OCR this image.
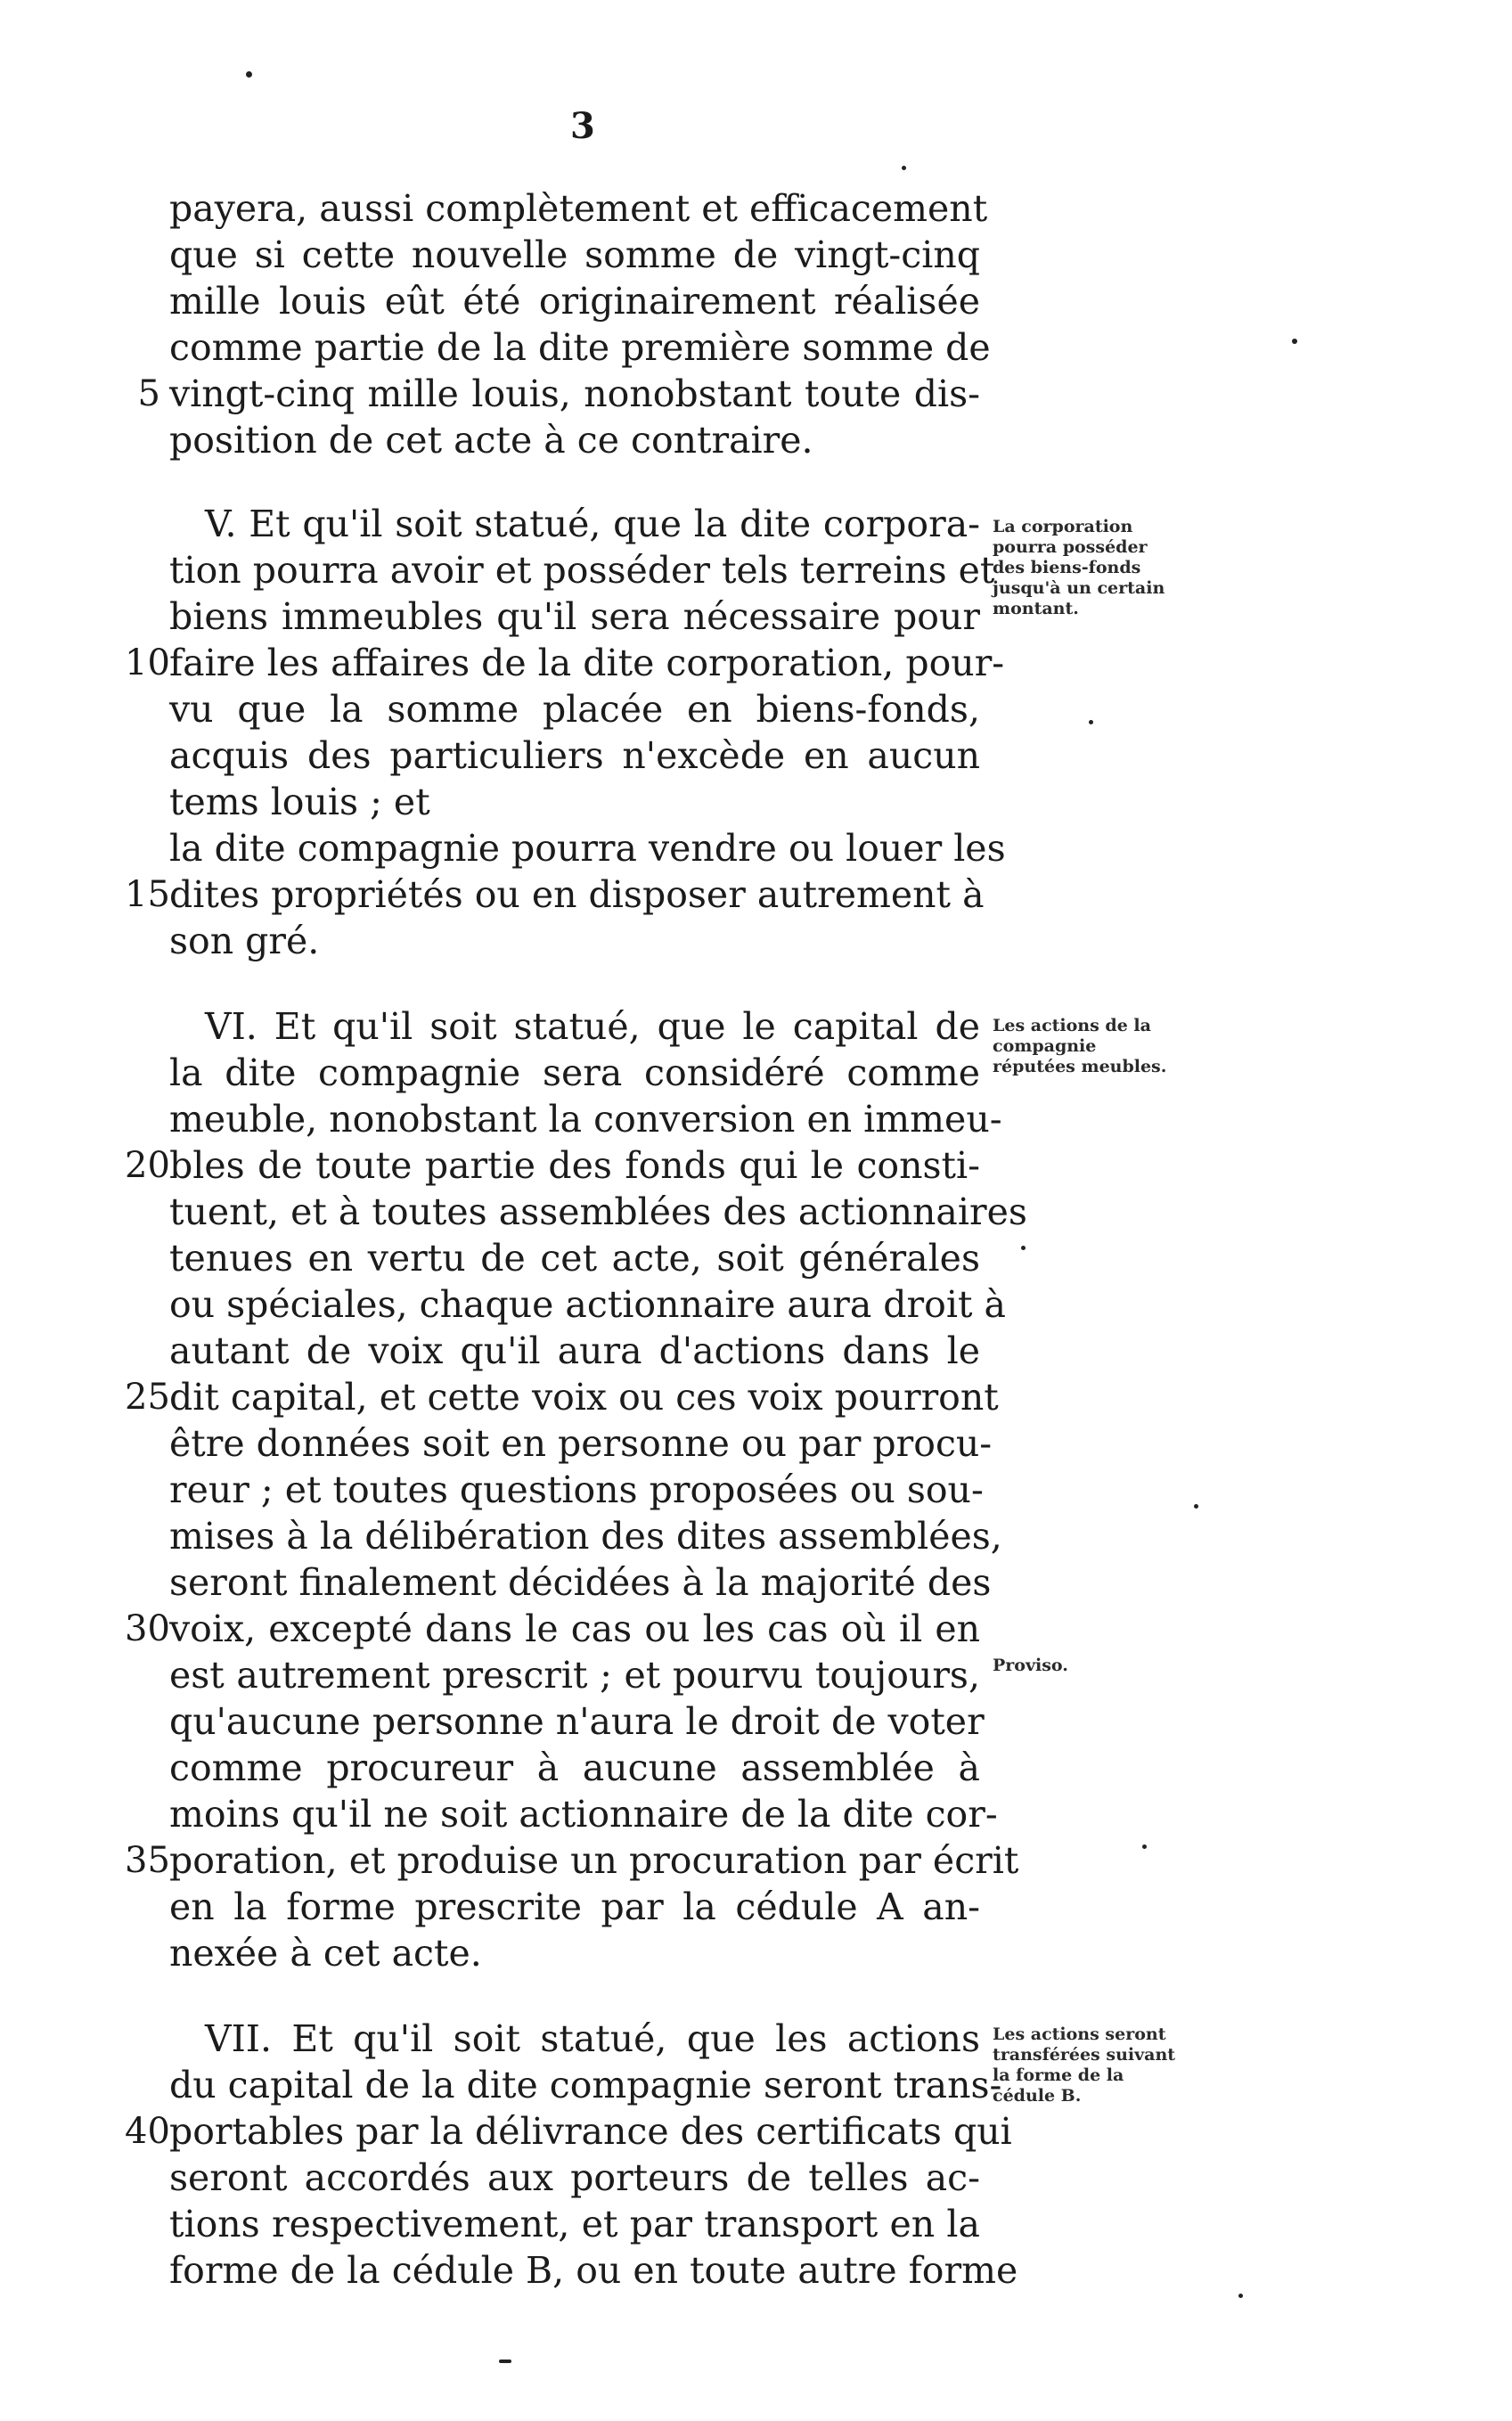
3
payera, aussi complètement et efficacement
que si cette nouvelle somme de vingt-cinq
mille louis eût été originairement réalisée
comme partie de la dite première somme de
vingt-cinq mille louis, nonobstant toute dis-
position de cet acte à ce contraire.
V. Et qu'il soit statué, que la dite corpora-
tion pourra avoir et posséder tels terreins et
biens immeubles qu'il sera nécessaire pour
faire les affaires de la dite corporation, pour-
vu que la somme placée en biens-fonds,
acquis des particuliers n'excède en aucun
tems louis ; et
la dite compagnie pourra vendre ou louer les
dites propriétés ou en disposer autrement à
son gré.
VI. Et qu'il soit statué, que le capital de
la dite compagnie sera considéré comme
meuble, nonobstant la conversion en immeu-
bles de toute partie des fonds qui le consti-
tuent, et à toutes assemblées des actionnaires
tenues en vertu de cet acte, soit générales
ou spéciales, chaque actionnaire aura droit à
autant de voix qu'il aura d'actions dans le
dit capital, et cette voix ou ces voix pourront
être données soit en personne ou par procu-
reur ; et toutes questions proposées ou sou-
mises à la délibération des dites assemblées,
seront finalement décidées à la majorité des
voix, excepté dans le cas ou les cas où il en
est autrement prescrit ; et pourvu toujours,
qu'aucune personne n'aura le droit de voter
comme procureur à aucune assemblée à
moins qu'il ne soit actionnaire de la dite cor-
poration, et produise un procuration par écrit
en la forme prescrite par la cédule A an-
nexée à cet acte.
VII. Et qu'il soit statué, que les actions
du capital de la dite compagnie seront trans-
portables par la délivrance des certificats qui
seront accordés aux porteurs de telles ac-
tions respectivement, et par transport en la
forme de la cédule B, ou en toute autre forme
5
10
15
20
25
30
35
40
La corporation pourra posséder des biens-fonds jusqu'à un certain montant.
Les actions de la compagnie réputées meubles.
Proviso.
Les actions seront transférées suivant la forme de la cédule B.
